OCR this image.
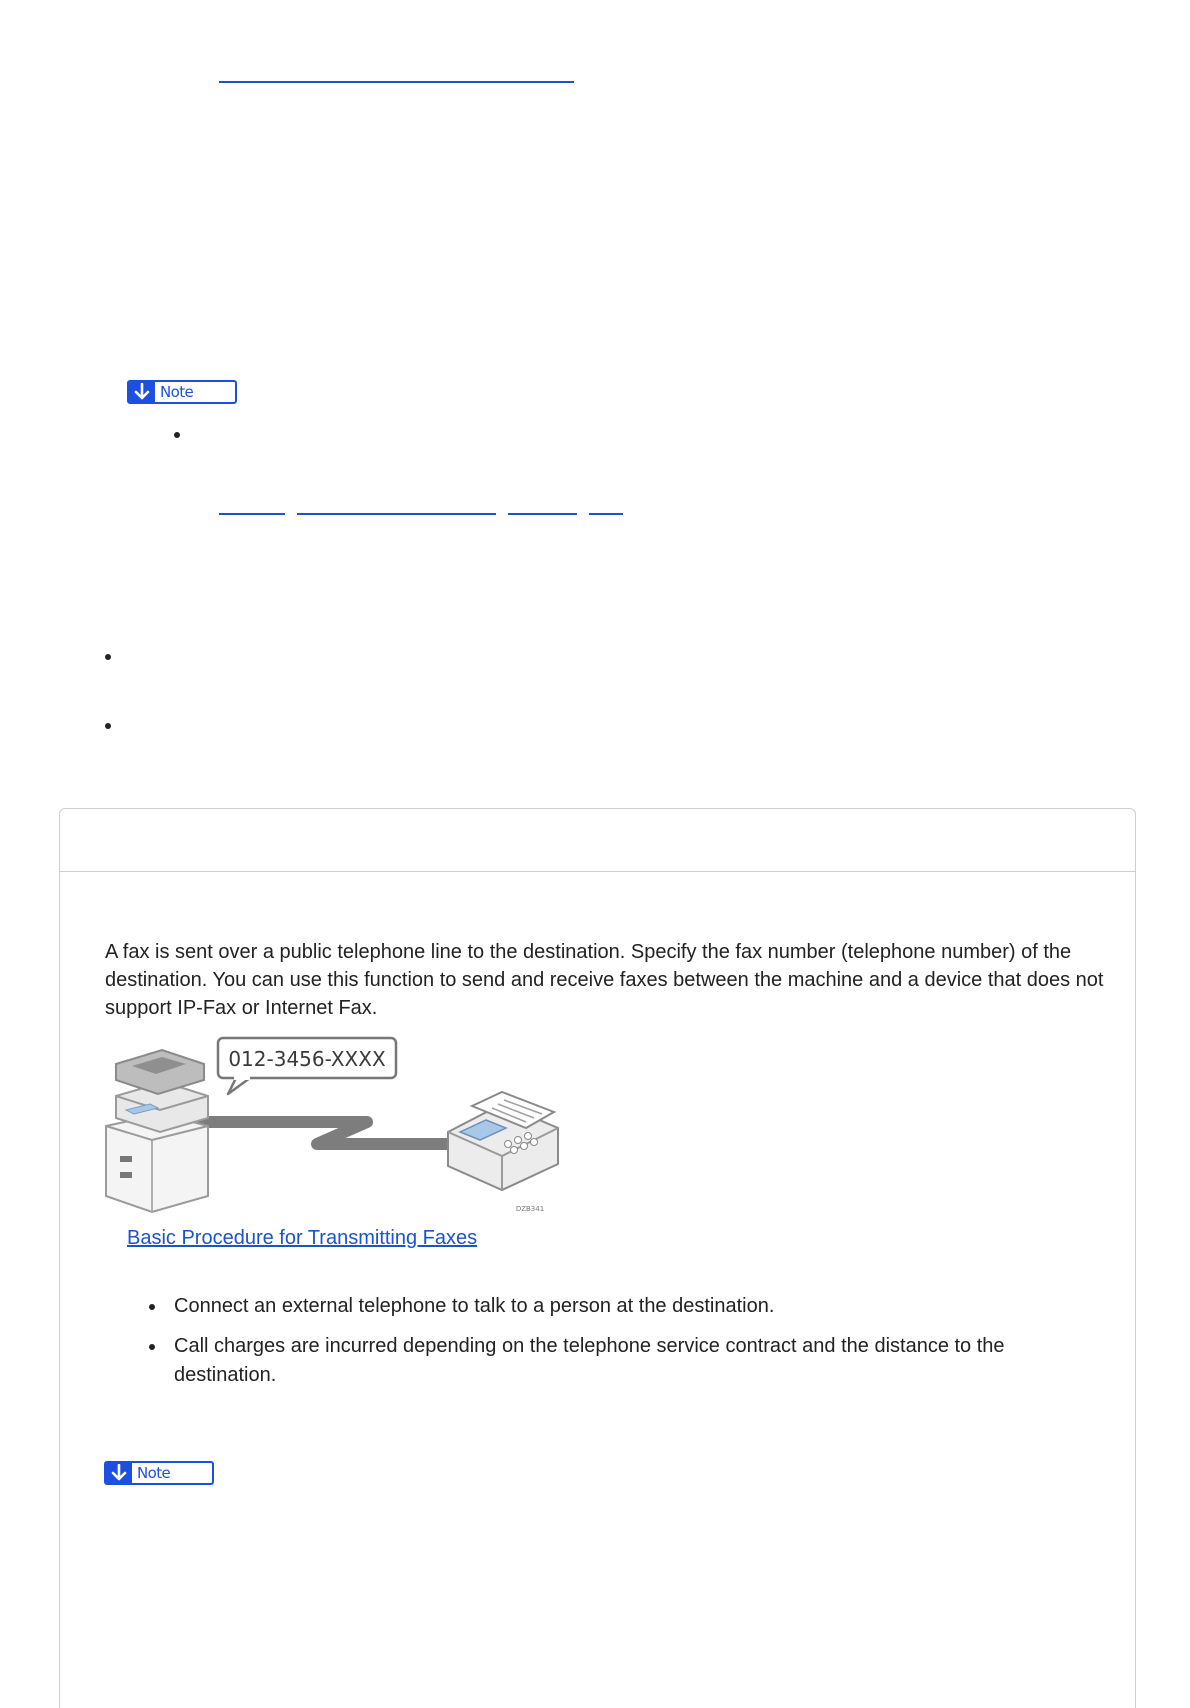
Note
A fax is sent over a public telephone line to the destination. Specify the fax number (telephone number) of the destination. You can use this function to send and receive faxes between the machine and a device that does not support IP-Fax or Internet Fax.
012-3456-XXXX
DZB341
Basic Procedure for Transmitting Faxes
Connect an external telephone to talk to a person at the destination.
Call charges are incurred depending on the telephone service contract and the distance to the destination.
Note
